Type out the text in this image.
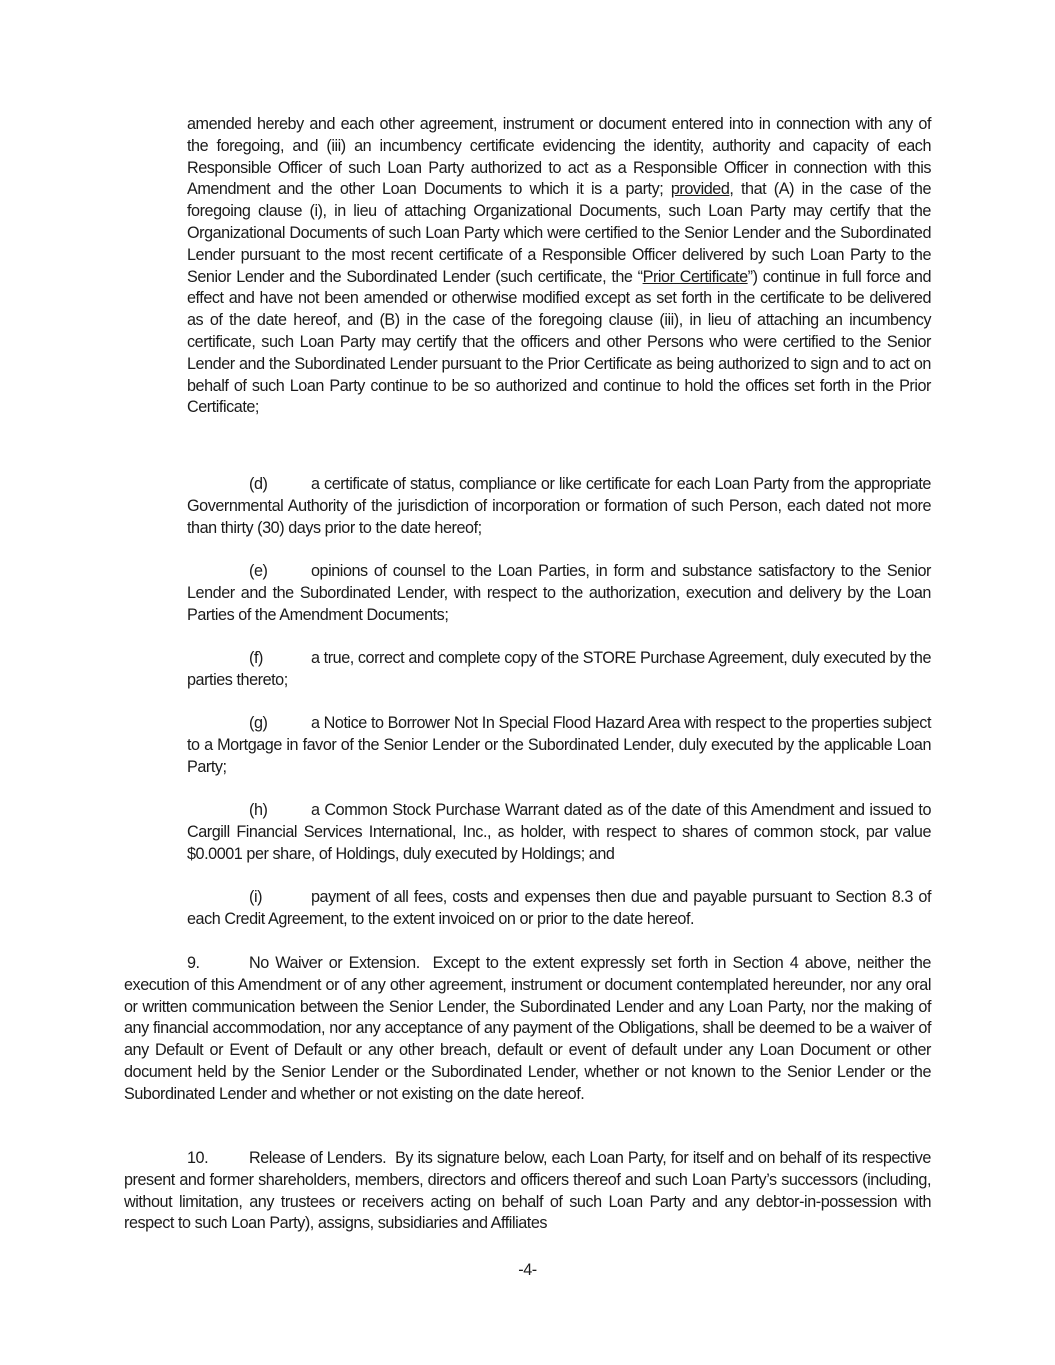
amended hereby and each other agreement, instrument or document entered into in connection with any of the foregoing, and (iii) an incumbency certificate evidencing the identity, authority and capacity of each Responsible Officer of such Loan Party authorized to act as a Responsible Officer in connection with this Amendment and the other Loan Documents to which it is a party; provided, that (A) in the case of the foregoing clause (i), in lieu of attaching Organizational Documents, such Loan Party may certify that the Organizational Documents of such Loan Party which were certified to the Senior Lender and the Subordinated Lender pursuant to the most recent certificate of a Responsible Officer delivered by such Loan Party to the Senior Lender and the Subordinated Lender (such certificate, the “Prior Certificate”) continue in full force and effect and have not been amended or otherwise modified except as set forth in the certificate to be delivered as of the date hereof, and (B) in the case of the foregoing clause (iii), in lieu of attaching an incumbency certificate, such Loan Party may certify that the officers and other Persons who were certified to the Senior Lender and the Subordinated Lender pursuant to the Prior Certificate as being authorized to sign and to act on behalf of such Loan Party continue to be so authorized and continue to hold the offices set forth in the Prior Certificate;

(d)	a certificate of status, compliance or like certificate for each Loan Party from the appropriate Governmental Authority of the jurisdiction of incorporation or formation of such Person, each dated not more than thirty (30) days prior to the date hereof;

(e)	opinions of counsel to the Loan Parties, in form and substance satisfactory to the Senior Lender and the Subordinated Lender, with respect to the authorization, execution and delivery by the Loan Parties of the Amendment Documents;

(f)	a true, correct and complete copy of the STORE Purchase Agreement, duly executed by the parties thereto;

(g)	a Notice to Borrower Not In Special Flood Hazard Area with respect to the properties subject to a Mortgage in favor of the Senior Lender or the Subordinated Lender, duly executed by the applicable Loan Party;

(h)	a Common Stock Purchase Warrant dated as of the date of this Amendment and issued to Cargill Financial Services International, Inc., as holder, with respect to shares of common stock, par value $0.0001 per share, of Holdings, duly executed by Holdings; and

(i)	payment of all fees, costs and expenses then due and payable pursuant to Section 8.3 of each Credit Agreement, to the extent invoiced on or prior to the date hereof.

9.	No Waiver or Extension. Except to the extent expressly set forth in Section 4 above, neither the execution of this Amendment or of any other agreement, instrument or document contemplated hereunder, nor any oral or written communication between the Senior Lender, the Subordinated Lender and any Loan Party, nor the making of any financial accommodation, nor any acceptance of any payment of the Obligations, shall be deemed to be a waiver of any Default or Event of Default or any other breach, default or event of default under any Loan Document or other document held by the Senior Lender or the Subordinated Lender, whether or not known to the Senior Lender or the Subordinated Lender and whether or not existing on the date hereof.

10.	Release of Lenders. By its signature below, each Loan Party, for itself and on behalf of its respective present and former shareholders, members, directors and officers thereof and such Loan Party’s successors (including, without limitation, any trustees or receivers acting on behalf of such Loan Party and any debtor-in-possession with respect to such Loan Party), assigns, subsidiaries and Affiliates

-4-
